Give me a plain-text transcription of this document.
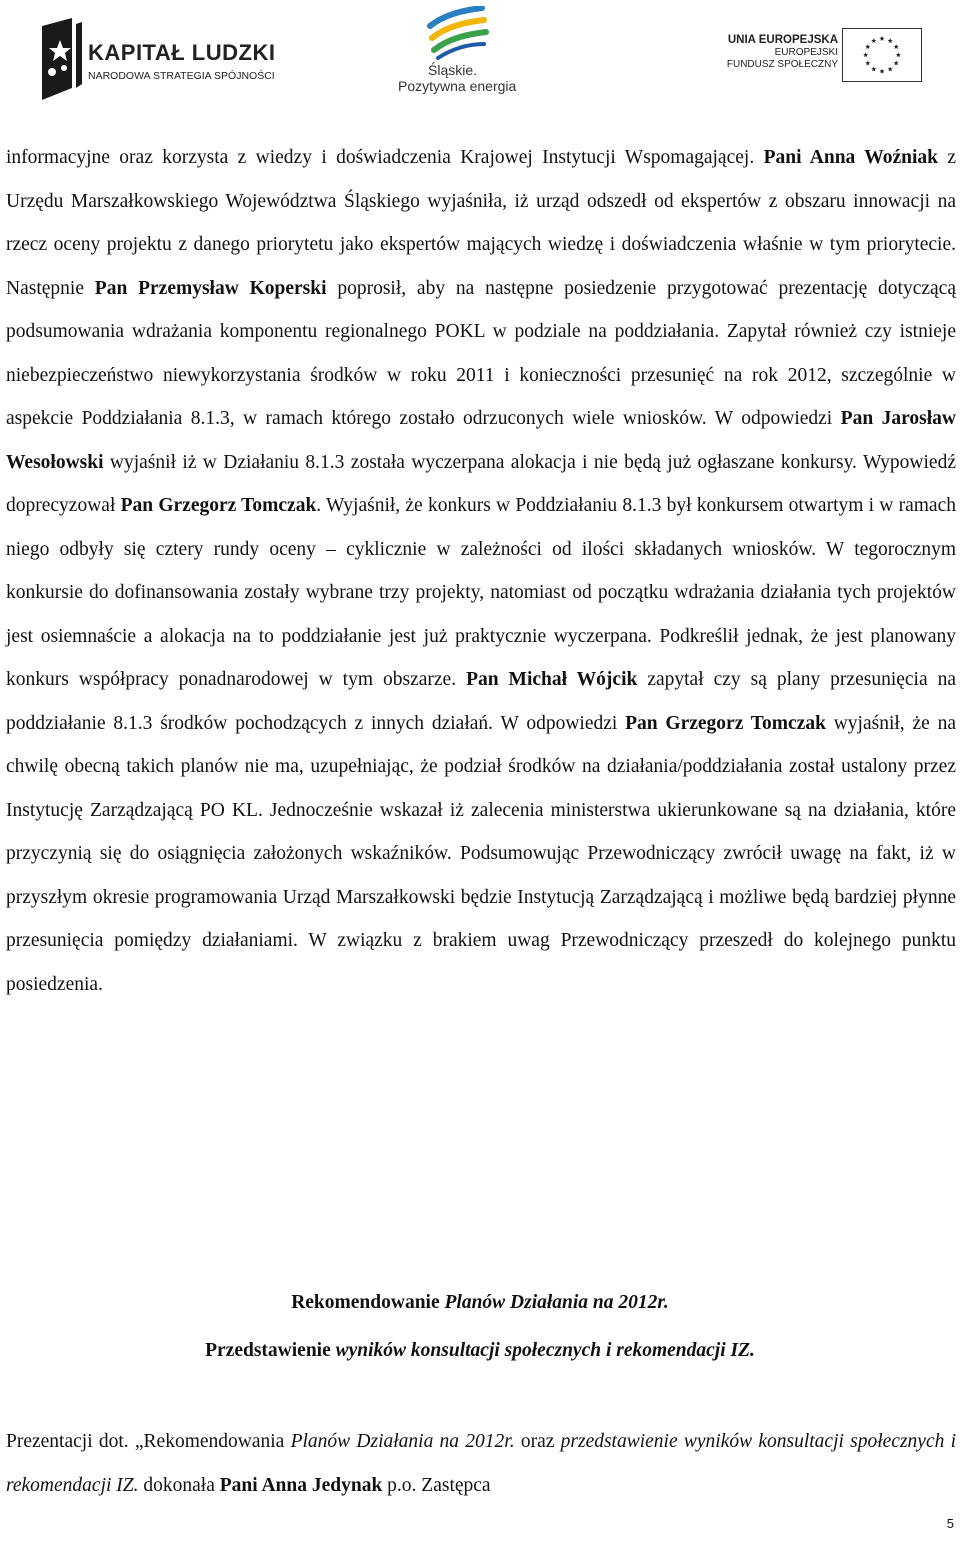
KAPITAŁ LUDZKI
NARODOWA STRATEGIA SPÓJNOŚCI	Śląskie.
Pozytywna energia
UNIA EUROPEJSKA
EUROPEJSKI
FUNDUSZ SPOŁECZNY

informacyjne oraz korzysta z wiedzy i doświadczenia Krajowej Instytucji Wspomagającej. Pani Anna Woźniak z Urzędu Marszałkowskiego Województwa Śląskiego wyjaśniła, iż urząd odszedł od ekspertów z obszaru innowacji na rzecz oceny projektu z danego priorytetu jako ekspertów mających wiedzę i doświadczenia właśnie w tym priorytecie. Następnie Pan Przemysław Koperski poprosił, aby na następne posiedzenie przygotować prezentację dotyczącą podsumowania wdrażania komponentu regionalnego POKL w podziale na poddziałania. Zapytał również czy istnieje niebezpieczeństwo niewykorzystania środków w roku 2011 i konieczności przesunięć na rok 2012, szczególnie w aspekcie Poddziałania 8.1.3, w ramach którego zostało odrzuconych wiele wniosków. W odpowiedzi Pan Jarosław Wesołowski wyjaśnił iż w Działaniu 8.1.3 została wyczerpana alokacja i nie będą już ogłaszane konkursy. Wypowiedź doprecyzował Pan Grzegorz Tomczak. Wyjaśnił, że konkurs w Poddziałaniu 8.1.3 był konkursem otwartym i w ramach niego odbyły się cztery rundy oceny – cyklicznie w zależności od ilości składanych wniosków. W tegorocznym konkursie do dofinansowania zostały wybrane trzy projekty, natomiast od początku wdrażania działania tych projektów jest osiemnaście a alokacja na to poddziałanie jest już praktycznie wyczerpana. Podkreślił jednak, że jest planowany konkurs współpracy ponadnarodowej w tym obszarze. Pan Michał Wójcik zapytał czy są plany przesunięcia na poddziałanie 8.1.3 środków pochodzących z innych działań. W odpowiedzi Pan Grzegorz Tomczak wyjaśnił, że na chwilę obecną takich planów nie ma, uzupełniając, że podział środków na działania/poddziałania został ustalony przez Instytucję Zarządzającą PO KL. Jednocześnie wskazał iż zalecenia ministerstwa ukierunkowane są na działania, które przyczynią się do osiągnięcia założonych wskaźników. Podsumowując Przewodniczący zwrócił uwagę na fakt, iż w przyszłym okresie programowania Urząd Marszałkowski będzie Instytucją Zarządzającą i możliwe będą bardziej płynne przesunięcia pomiędzy działaniami. W związku z brakiem uwag Przewodniczący przeszedł do kolejnego punktu posiedzenia.

Rekomendowanie Planów Działania na 2012r.
Przedstawienie wyników konsultacji społecznych i rekomendacji IZ.

Prezentacji dot. „Rekomendowania Planów Działania na 2012r. oraz przedstawienie wyników konsultacji społecznych i rekomendacji IZ. dokonała Pani Anna Jedynak p.o. Zastępca

5
